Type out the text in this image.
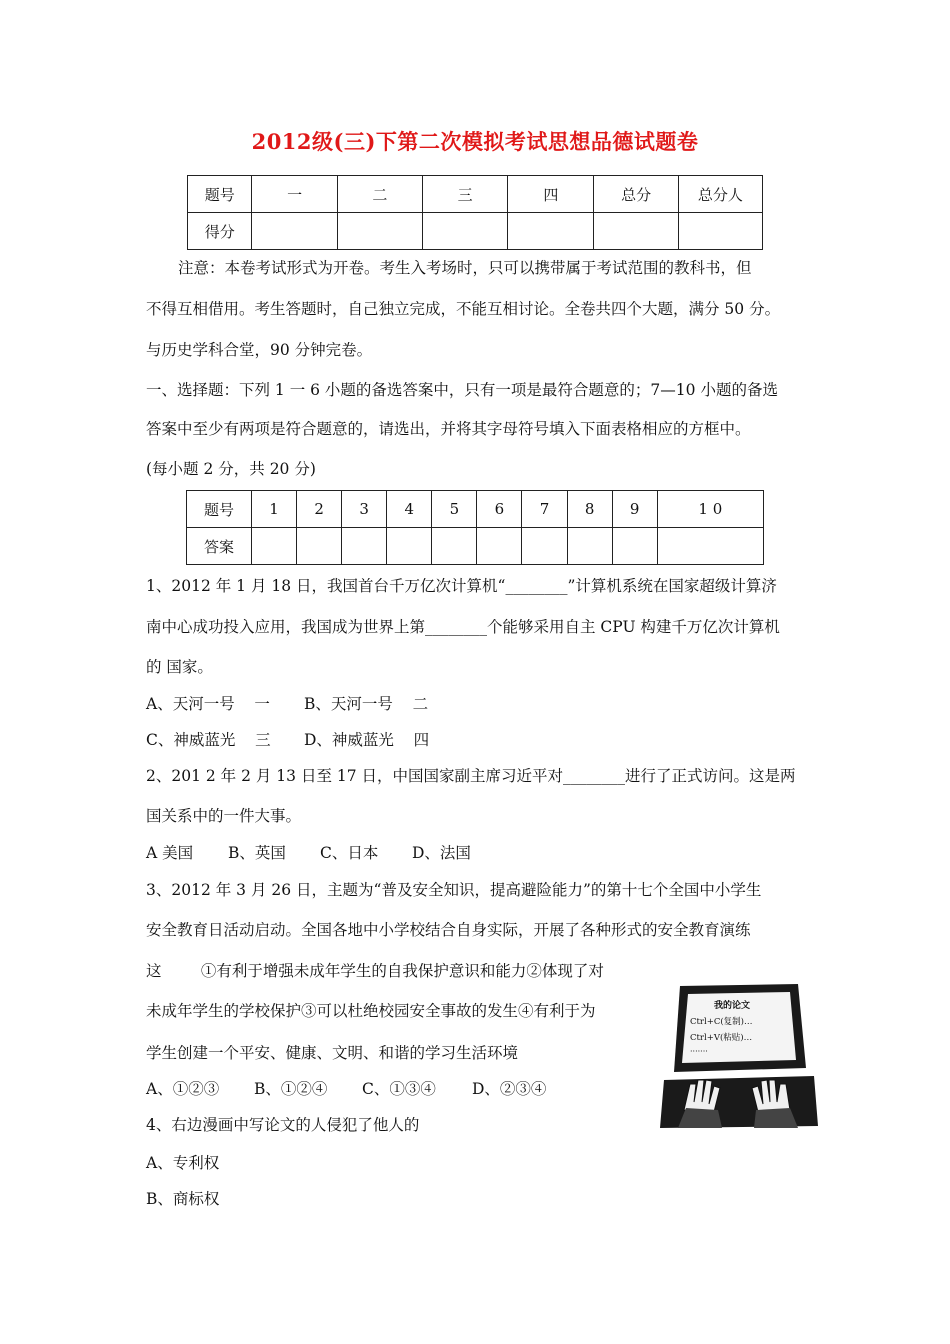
2012级(三)下第二次模拟考试思想品德试题卷
题号	一	二	三	四	总分	总分人
得分						
注意：本卷考试形式为开卷。考生入考场时，只可以携带属于考试范围的教科书，但
不得互相借用。考生答题时，自己独立完成，不能互相讨论。全卷共四个大题，满分 50 分。
与历史学科合堂，90 分钟完卷。
一、选择题：下列 1 一 6 小题的备选答案中，只有一项是最符合题意的；7—10 小题的备选
答案中至少有两项是符合题意的，请选出，并将其字母符号填入下面表格相应的方框中。
(每小题 2 分，共 20 分)
题号	1	2	3	4	5	6	7	8	9	1 0
答案										
1、2012 年 1 月 18 日，我国首台千万亿次计算机“________”计算机系统在国家超级计算济
南中心成功投入应用，我国成为世界上第________个能够采用自主 CPU 构建千万亿次计算机
的 国家。
A、天河一号    一 B、天河一号    二
C、神威蓝光    三 D、神威蓝光    四
2、201 2 年 2 月 13 日至 17 日，中国国家副主席习近平对________进行了正式访问。这是两
国关系中的一件大事。
A 美国 B、英国 C、日本 D、法国
3、2012 年 3 月 26 日，主题为“普及安全知识，提高避险能力”的第十七个全国中小学生
安全教育日活动启动。全国各地中小学校结合自身实际，开展了各种形式的安全教育演练
这        ①有利于增强未成年学生的自我保护意识和能力②体现了对
未成年学生的学校保护③可以杜绝校园安全事故的发生④有利于为
学生创建一个平安、健康、文明、和谐的学习生活环境
A、①②③ B、①②④ C、①③④ D、②③④
4、右边漫画中写论文的人侵犯了他人的
A、专利权
B、商标权
我的论文
Ctrl+C(复制)…
Ctrl+V(粘贴)…
·······
